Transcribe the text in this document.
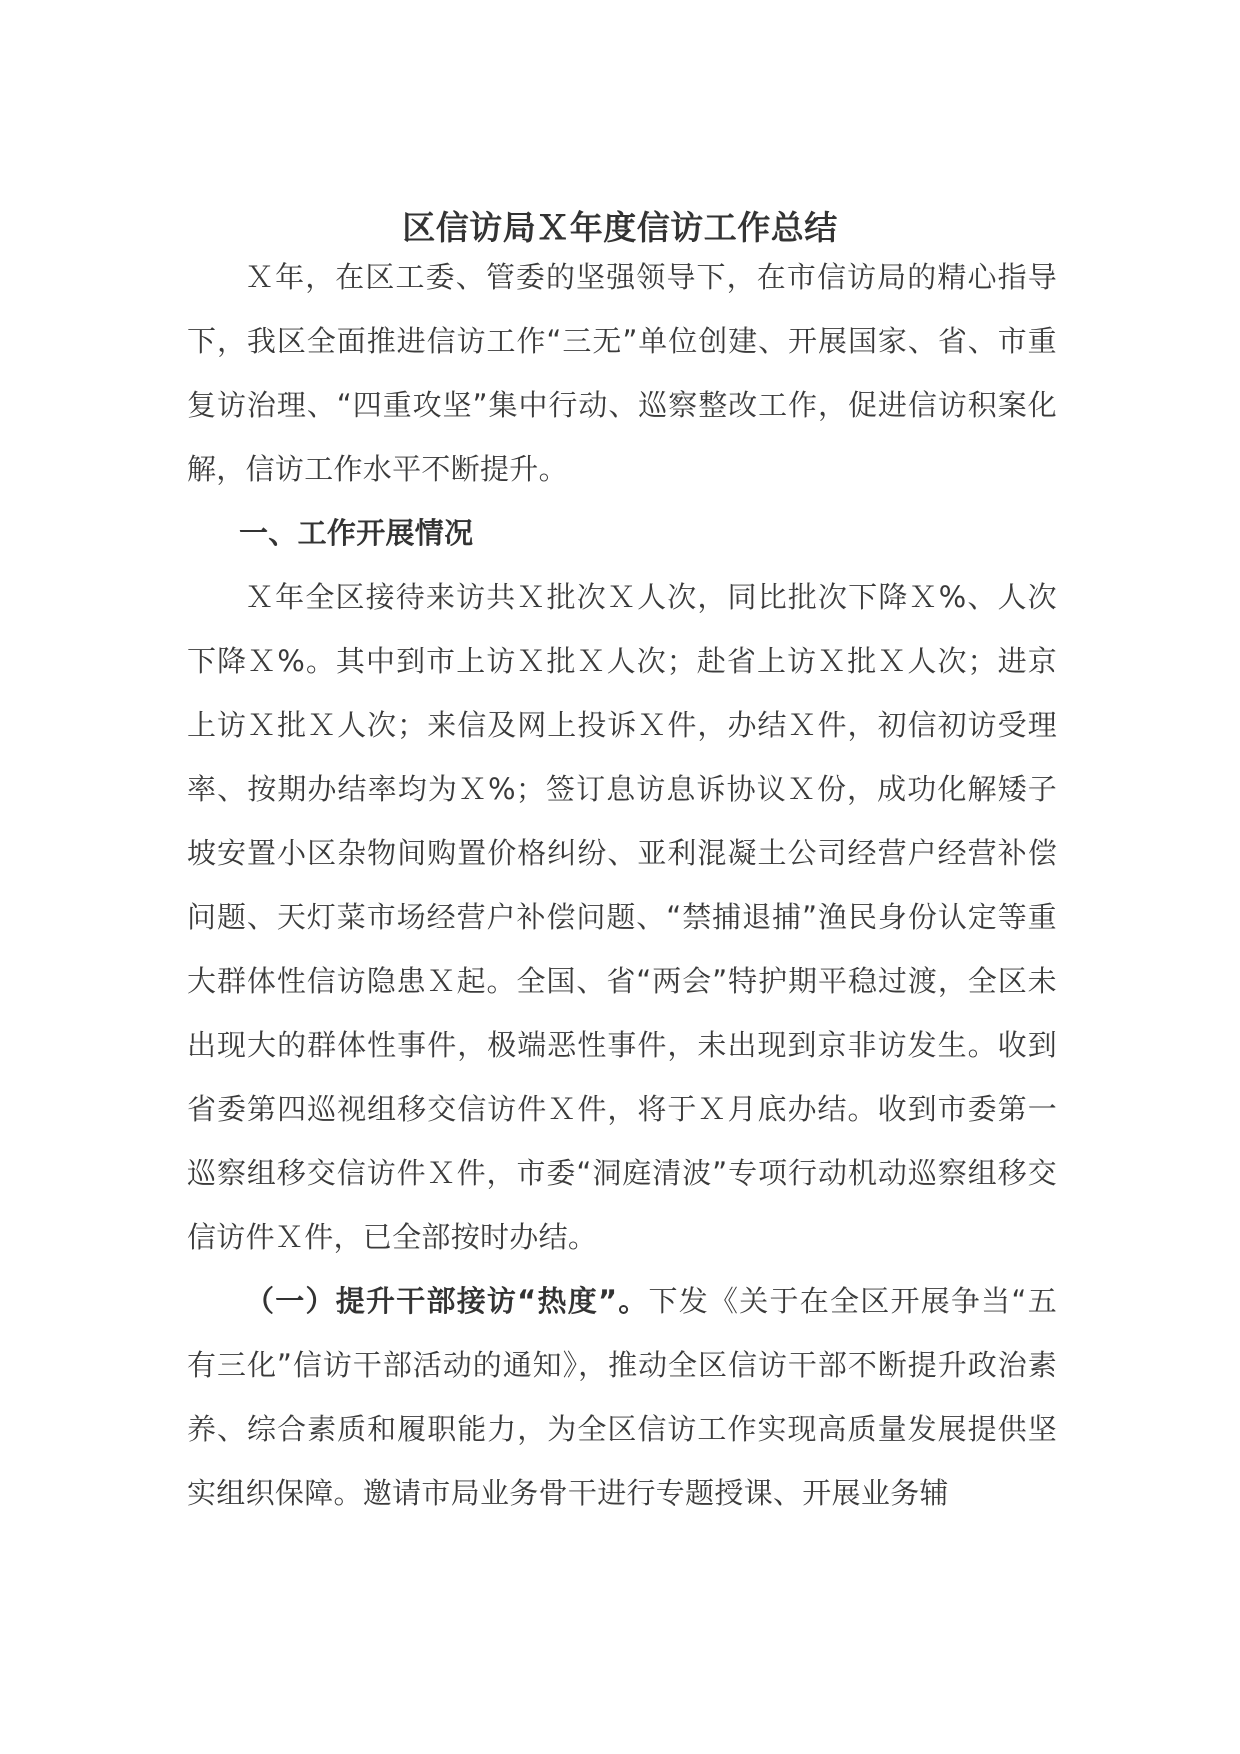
区信访局Ｘ年度信访工作总结

Ｘ年，在区工委、管委的坚强领导下，在市信访局的精心指导下，我区全面推进信访工作“三无”单位创建、开展国家、省、市重复访治理、“四重攻坚”集中行动、巡察整改工作，促进信访积案化解，信访工作水平不断提升。

一、工作开展情况

Ｘ年全区接待来访共Ｘ批次Ｘ人次，同比批次下降Ｘ%、人次下降Ｘ%。其中到市上访Ｘ批Ｘ人次；赴省上访Ｘ批Ｘ人次；进京上访Ｘ批Ｘ人次；来信及网上投诉Ｘ件，办结Ｘ件，初信初访受理率、按期办结率均为Ｘ%；签订息访息诉协议Ｘ份，成功化解矮子坡安置小区杂物间购置价格纠纷、亚利混凝土公司经营户经营补偿问题、天灯菜市场经营户补偿问题、“禁捕退捕”渔民身份认定等重大群体性信访隐患Ｘ起。全国、省“两会”特护期平稳过渡，全区未出现大的群体性事件，极端恶性事件，未出现到京非访发生。收到省委第四巡视组移交信访件Ｘ件，将于Ｘ月底办结。收到市委第一巡察组移交信访件Ｘ件，市委“洞庭清波”专项行动机动巡察组移交信访件Ｘ件，已全部按时办结。

（一）提升干部接访“热度”。下发《关于在全区开展争当“五有三化”信访干部活动的通知》，推动全区信访干部不断提升政治素养、综合素质和履职能力，为全区信访工作实现高质量发展提供坚实组织保障。邀请市局业务骨干进行专题授课、开展业务辅
